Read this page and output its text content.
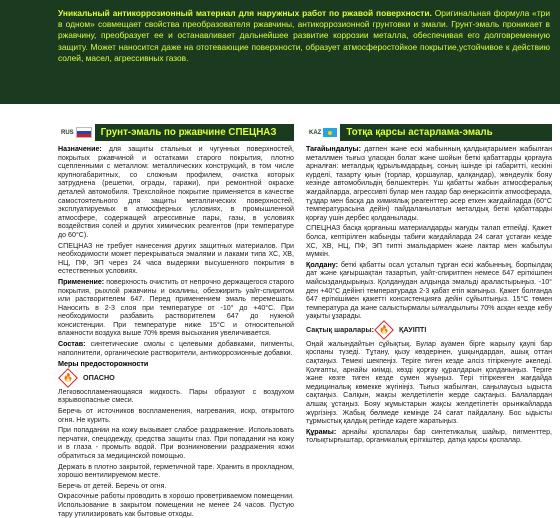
Уникальный антикоррозионный материал для наружных работ по ржавой поверхности. Оригинальная формула «три в одном» совмещает свойства преобразователя ржавчины, антикоррозионной грунтовки и эмали. Грунт-эмаль проникает в ржавчину, преобразует ее и останавливает дальнейшее развитие коррозии металла, обеспечивая его долговременную защиту. Может наносится даже на ототевающие поверхности, образует атмосферостойкое покрытие,устойчивое к действию солей, масел, агрессивных газов.
RUS	Грунт-эмаль по ржавчине СПЕЦНАЗ

Назначение: для защиты стальных и чугунных поверхностей, покрытых ржавчиной и остатками старого покрытия, плотно сцепленными с металлом: металлических конструкций, в том числе крупногабаритных, со сложным профилем, очистка которых затруднена (решетки, ограды, гаражи), при ремонтной окраске деталей автомобиля. Трехслойное покрытие применяется в качестве самостоятельного для защиты металлических поверхностей, эксплуатируемых в атмосферных условиях, в промышленной атмосфере, содержащей агрессивные пары, газы, в условиях воздействия солей и других химических реагентов (при температуре до 60°С).

СПЕЦНАЗ не требует нанесения других защитных материалов. При необходимости может перекрываться эмалями и лаками типа ХС, ХВ, НЦ, ПФ, ЭП через 24 часа выдержки высушенного покрытия в естественных условиях.

Применение: поверхность очистить от непрочно держащегося старого покрытия, рыхлой ржавчины и окалины, обезжирить уайт-спиритом или растворителем 647. Перед применением эмаль перемешать. Наносить в 2-3 слоя при температуре от -10° до +40°С. При необходимости разбавить растворителем 647 до нужной консистенции. При температуре ниже 15°С и относительной влажности воздуха выше 70% время высыхания увеличивается.

Состав: синтетические смолы с целевыми добавками, пигменты, наполнители, органические растворители, антикоррозионные добавки.

Меры предосторожности
🔥 ОПАСНО

Легковоспламеняющаяся жидкость. Пары образуют с воздухом взрывоопасные смеси.

Беречь от источников воспламенения, нагревания, искр, открытого огня. Не курить.

При попадании на кожу вызывает слабое раздражение. Использовать перчатки, спецодежду, средства защиты глаз. При попадании на кожу и в глаза - промыть водой. При возникновении раздражения кожи обратиться за медицинской помощью.

Держать в плотно закрытой, герметичной таре. Хранить в прохладном, хорошо вентилируемом месте.

Беречь от детей. Беречь от огня.

Окрасочные работы проводить в хорошо проветриваемом помещении. Использование в закрытом помещении не менее 24 часов. Пустую тару утилизировать как бытовые отходы.

KAZ	Тотқа қарсы астарлама-эмаль

Тағайындалуы: датпен және ескі жабынның қалдықтарымен жабылған металлмен тығыз ұласқан болат және шойын беткі қабаттарды қорғауға арналған: металдық құрылымдардың, соның ішінде ірі габаритті, кескіні күрделі, тазарту қиын (торлар, қоршаулар, қалқандар), жөндеулік бояу кезінде автомобильдің бөлшектерін. Үш қабатты жабын атмосфералық жағдайларда, агрессивті булар мен газдар бар өнеркәсіптік атмосферада, тұздар мен басқа да химиялық реагенттер әсер еткен жағдайларда (60°С температурасына дейін) пайдаланылатын металдық беткі қабаттарды қорғау үшін дербес қолданылады.

СПЕЦНАЗ басқа қорғаныш материалдарды жағуды талап етпейді. Қажет болса, кептірілген жабынды табиғи жағдайларда 24 сағат ұстаған кезде ХС, ХВ, НЦ, ПФ, ЭП типті эмальдармен және лактар мен жабылуы мүмкін.

Қолдану: беткі қабатты осал ұсталып тұрған ескі жабынның, борпылдақ дат және қағыршақтан тазартып, уайт-спиритпен немесе 647 еріткішпен майсыздандырыңыз. Қолданудан алдында эмальді араластырыңыз. -10° ден +40°C дейінгі температурада 2-3 қабат етіп жағыңыз. Қажет болғанда 647 еріткішімен қажетті консистенцияға дейін сұйылтыңыз. 15°С төмен температура да және салыстырмалы ылғалдылығы 70% асқан кезде кебу уақыты ұзарады.

Сақтық шаралары: 🔥 ҚАУІПТІ

Оңай жалындайтын сұйықтық. Булар ауамен бірге жарылу қаупі бар қоспаны түзеді. Тұтану, қызу көздерінен, ұшқындардан, ашық оттан сақтаңыз. Темекі шекпеңіз. Теріге тиген кезде әлсіз тітіркенуге әкеледі. Қолғапты, арнайы киімді, көзді қорғау құралдарын қолданыңыз. Теріге және көзге тиген кезде сумен жуыңыз. Тері тітіркенген жағдайда медициналық көмекке жүгініңіз. Тығыз жабылған, саңылаусыз ыдыста сақтаңыз. Салқын, жақсы желдетілетін жерде сақтаңыз. Балалардан алшақ ұстаңыз. Бояу жұмыстарын жақсы желдетілетін орынжайларда жүргізіңіз. Жабық бөлмеде кемінде 24 сағат пайдалану. Бос ыдысты тұрмыстық қалдық ретінде кәдеге жаратыңыз.

Құрамы: арнайы қоспалары бар синтетикалық шайыр, пигменттер, толықтырғыштар, органикалық еріткіштер, датқа қарсы қоспалар.
